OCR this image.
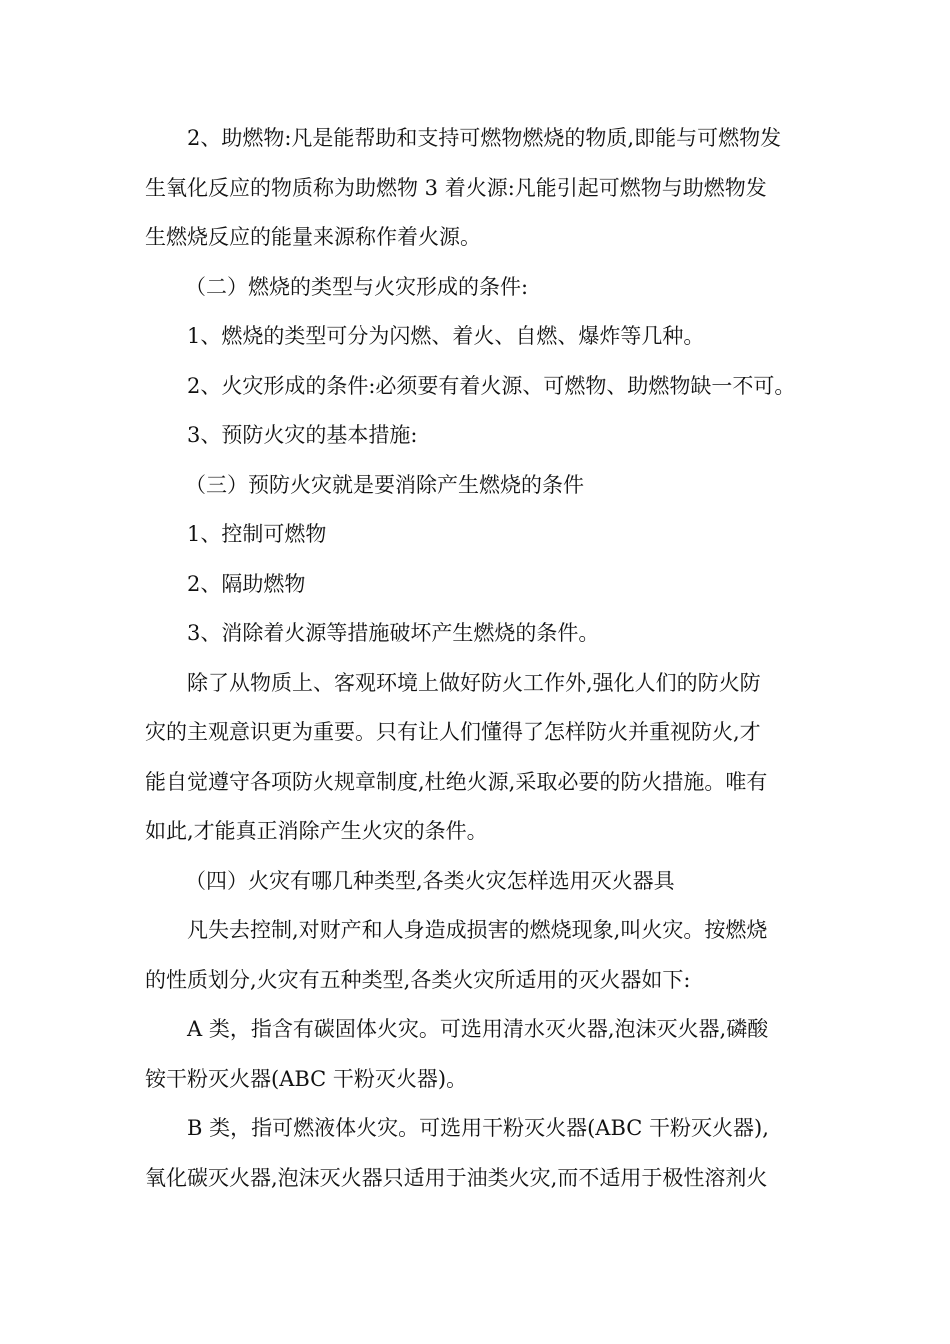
2、助燃物:凡是能帮助和支持可燃物燃烧的物质,即能与可燃物发
生氧化反应的物质称为助燃物 3 着火源:凡能引起可燃物与助燃物发
生燃烧反应的能量来源称作着火源。

（二）燃烧的类型与火灾形成的条件:

1、燃烧的类型可分为闪燃、着火、自燃、爆炸等几种。

2、火灾形成的条件:必须要有着火源、可燃物、助燃物缺一不可。

3、预防火灾的基本措施:

（三）预防火灾就是要消除产生燃烧的条件

1、控制可燃物

2、隔助燃物

3、消除着火源等措施破坏产生燃烧的条件。

除了从物质上、客观环境上做好防火工作外,强化人们的防火防
灾的主观意识更为重要。只有让人们懂得了怎样防火并重视防火,才
能自觉遵守各项防火规章制度,杜绝火源,采取必要的防火措施。唯有
如此,才能真正消除产生火灾的条件。

（四）火灾有哪几种类型,各类火灾怎样选用灭火器具

凡失去控制,对财产和人身造成损害的燃烧现象,叫火灾。按燃烧
的性质划分,火灾有五种类型,各类火灾所适用的灭火器如下:

A 类，指含有碳固体火灾。可选用清水灭火器,泡沫灭火器,磷酸
铵干粉灭火器(ABC 干粉灭火器)。

B 类，指可燃液体火灾。可选用干粉灭火器(ABC 干粉灭火器),
氧化碳灭火器,泡沫灭火器只适用于油类火灾,而不适用于极性溶剂火
